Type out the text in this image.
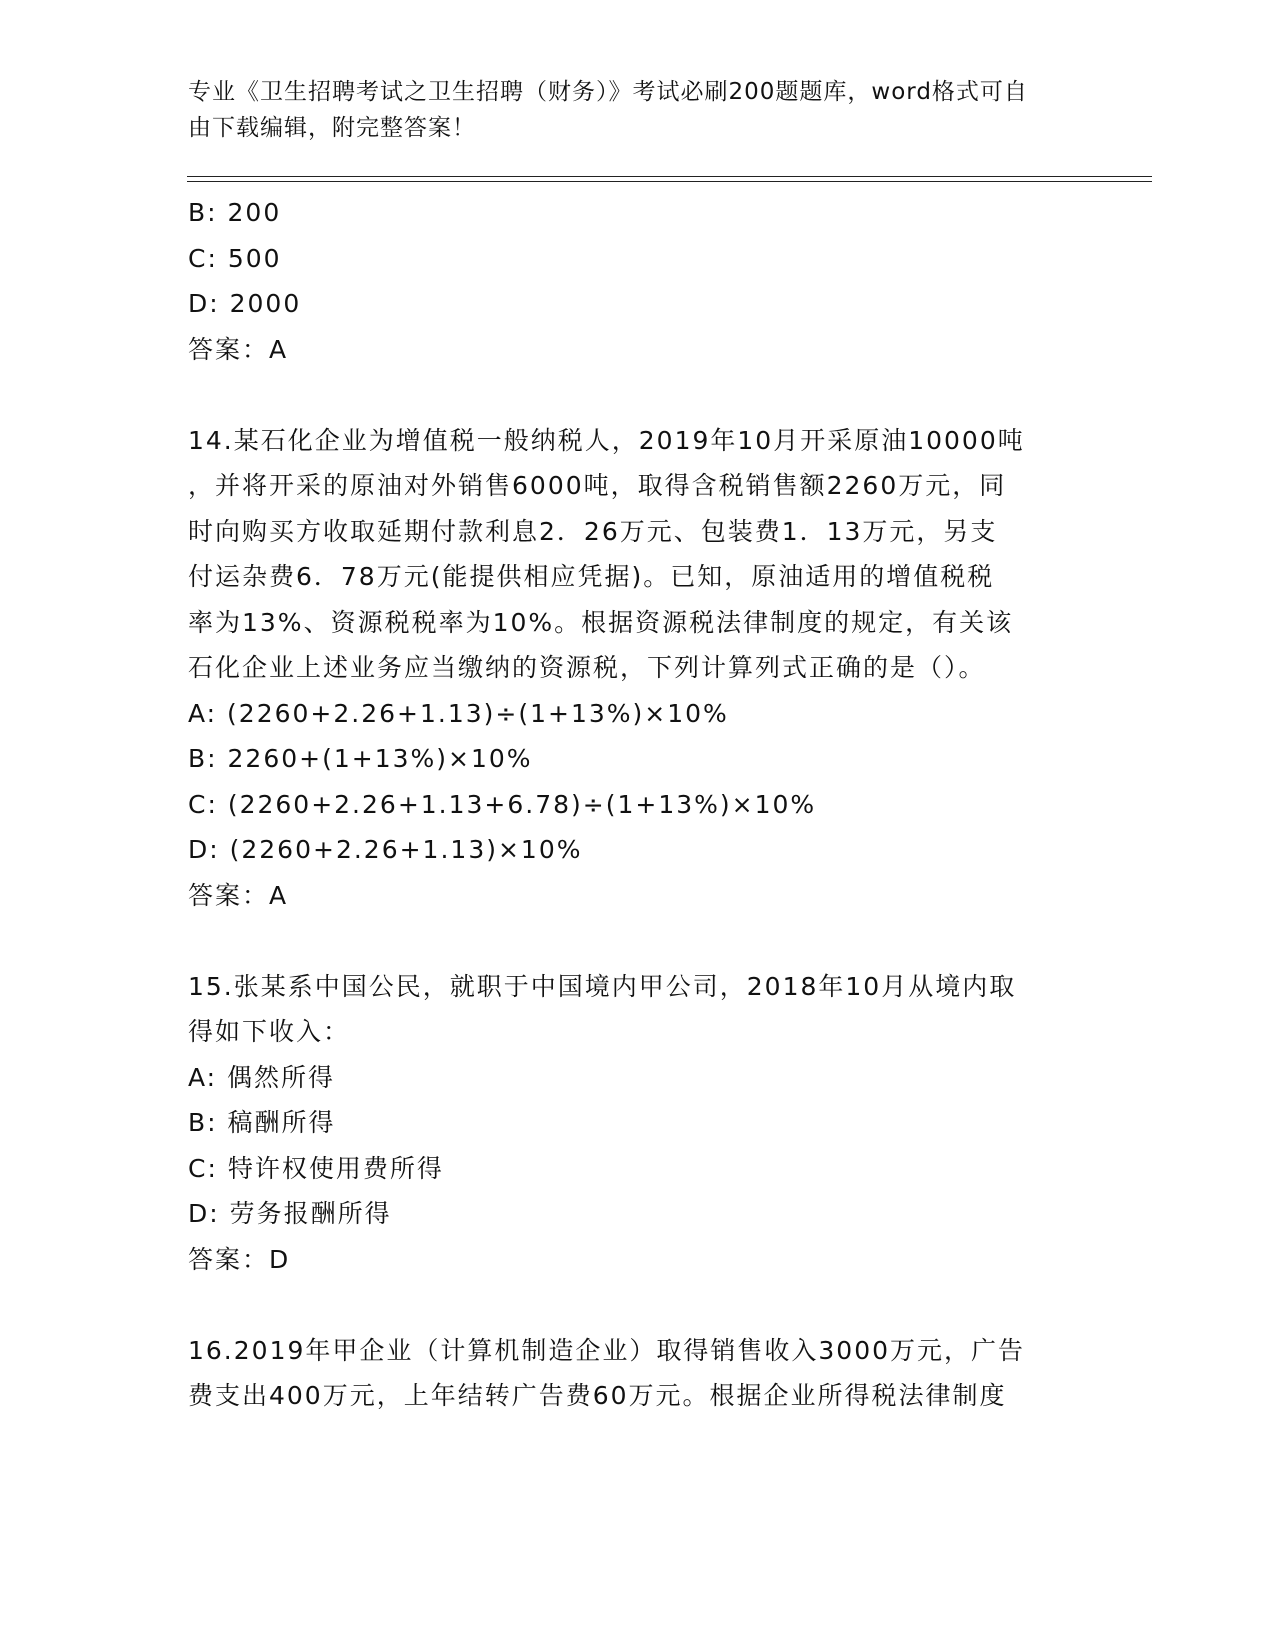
专业《卫生招聘考试之卫生招聘（财务）》考试必刷200题题库，word格式可自
由下载编辑，附完整答案！

B: 200

C: 500

D: 2000

答案：A

14.某石化企业为增值税一般纳税人，2019年10月开采原油10000吨

，并将开采的原油对外销售6000吨，取得含税销售额2260万元，同

时向购买方收取延期付款利息2．26万元、包装费1．13万元，另支

付运杂费6．78万元(能提供相应凭据)。已知，原油适用的增值税税

率为13%、资源税税率为10%。根据资源税法律制度的规定，有关该

石化企业上述业务应当缴纳的资源税，下列计算列式正确的是（）。

A: (2260+2.26+1.13)÷(1+13%)×10%

B: 2260+(1+13%)×10%

C: (2260+2.26+1.13+6.78)÷(1+13%)×10%

D: (2260+2.26+1.13)×10%

答案：A

15.张某系中国公民，就职于中国境内甲公司，2018年10月从境内取

得如下收入：

A: 偶然所得

B: 稿酬所得

C: 特许权使用费所得

D: 劳务报酬所得

答案：D

16.2019年甲企业（计算机制造企业）取得销售收入3000万元，广告

费支出400万元，上年结转广告费60万元。根据企业所得税法律制度
